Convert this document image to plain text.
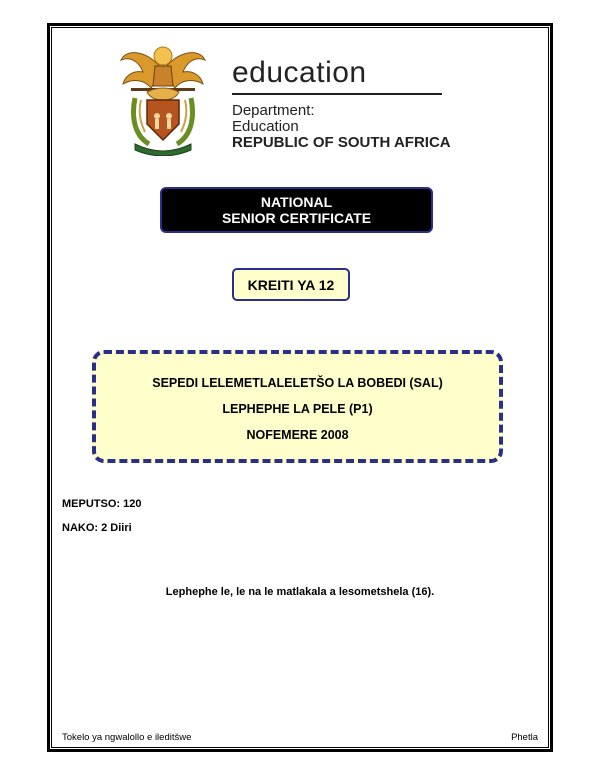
education
Department:
Education
REPUBLIC OF SOUTH AFRICA
NATIONAL
SENIOR CERTIFICATE
KREITI YA 12
SEPEDI LELEMETLALELETŠO LA BOBEDI (SAL)
LEPHEPHE LA PELE (P1)
NOFEMERE 2008
MEPUTSO: 120
NAKO: 2 Diiri
Lephephe le, le na le matlakala a lesometshela (16).
Tokelo ya ngwalollo e ileditšwe	Phetla
